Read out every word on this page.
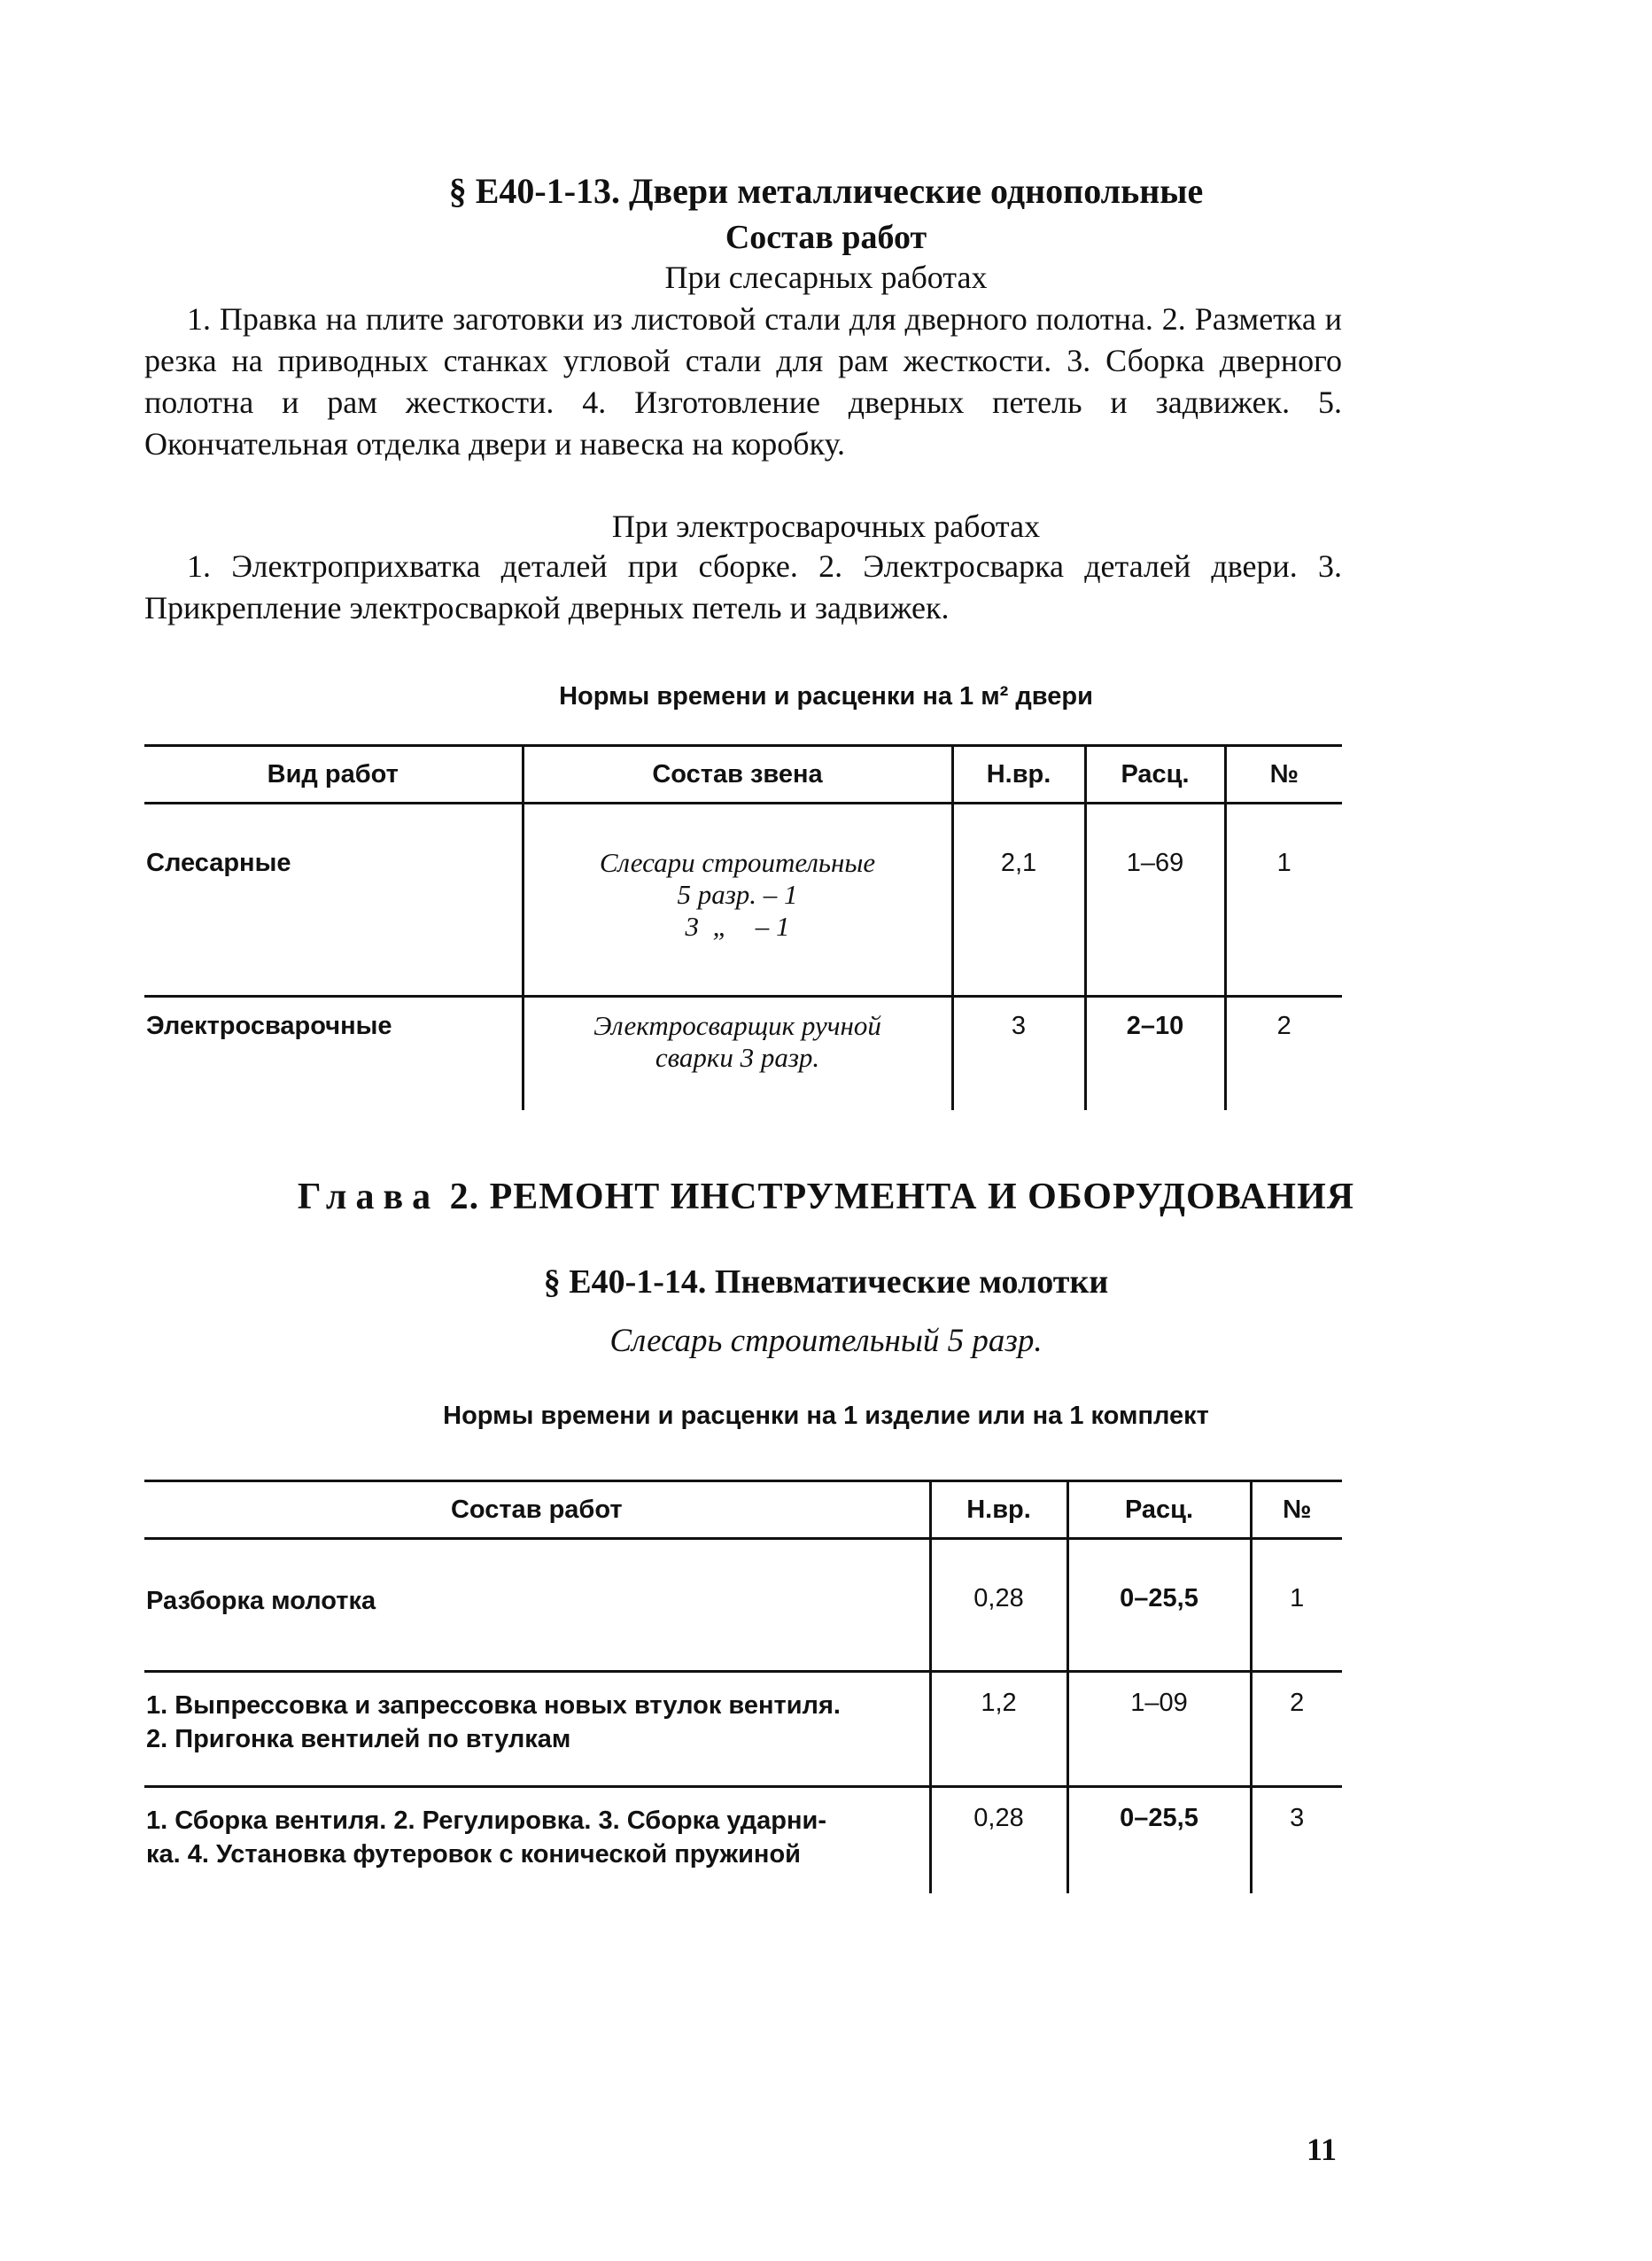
§ Е40-1-13. Двери металлические однопольные
Состав работ
При слесарных работах

1. Правка на плите заготовки из листовой стали для дверного полотна. 2. Разметка и резка на приводных станках угловой стали для рам жесткости. 3. Сборка дверного полотна и рам жесткости. 4. Изготовление дверных петель и задвижек. 5. Окончательная отделка двери и навеска на коробку.

При электросварочных работах

1. Электроприхватка деталей при сборке. 2. Электросварка деталей двери. 3. Прикрепление электросваркой дверных петель и задвижек.

Нормы времени и расценки на 1 м² двери
Вид работ	Состав звена	Н.вр.	Расц.	№
Слесарные	Слесари строительные
5 разр. – 1
3  „    – 1	2,1	1–69	1
Электросварочные	Электросварщик ручной
сварки 3 разр.	3	2–10	2
Глава 2. РЕМОНТ ИНСТРУМЕНТА И ОБОРУДОВАНИЯ
§ Е40-1-14. Пневматические молотки
Слесарь строительный 5 разр.
Нормы времени и расценки на 1 изделие или на 1 комплект
Состав работ	Н.вр.	Расц.	№

Разборка молотка	0,28	0–25,5	1

1. Выпрессовка и запрессовка новых втулок вентиля.
2. Пригонка вентилей по втулкам	1,2	1–09	2

1. Сборка вентиля. 2. Регулировка. 3. Сборка ударни-
ка. 4. Установка футеровок с конической пружиной	0,28	0–25,5	3
11
